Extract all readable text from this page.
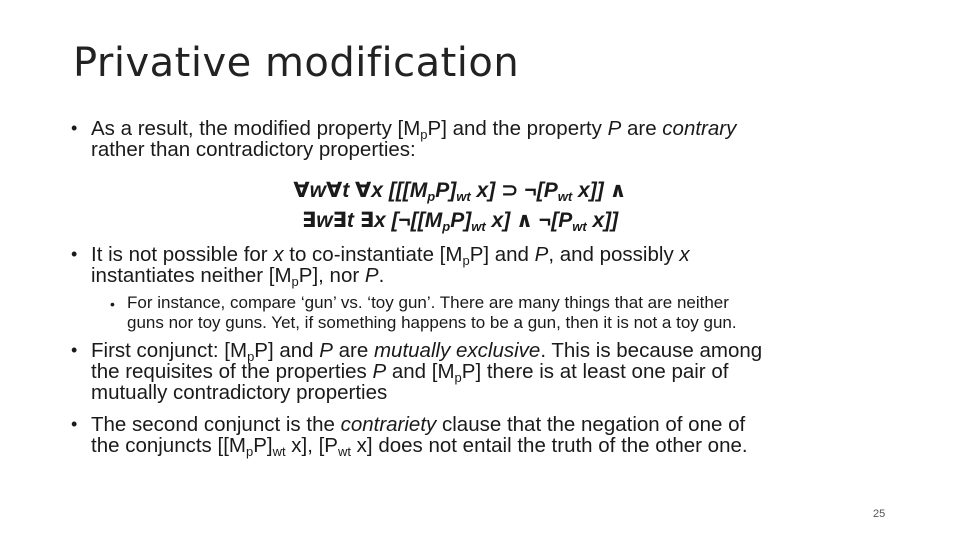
Privative modification
• As a result, the modified property $[M_pP]$ and the property P are contrary
rather than contradictory properties:
∀w∀t ∀x [[$[M_pP]_{wt}$ x] ⊃ $\neg[P_{wt}$ x]] ∧
∃w∃t ∃x [$\neg[[M_pP]_{wt}$ x] ∧ $\neg[P_{wt}$ x]]
• It is not possible for x to co-instantiate $[M_pP]$ and P, and possibly x
instantiates neither $[M_pP]$, nor P.
• For instance, compare ‘gun’ vs. ‘toy gun’. There are many things that are neither
guns nor toy guns. Yet, if something happens to be a gun, then it is not a toy gun.
• First conjunct: $[M_pP]$ and P are mutually exclusive. This is because among
the requisites of the properties P and $[M_pP]$ there is at least one pair of
mutually contradictory properties
• The second conjunct is the contrariety clause that the negation of one of
the conjuncts [$[M_pP]_{wt}$ x], [$P_{wt}$ x] does not entail the truth of the other one.
25
